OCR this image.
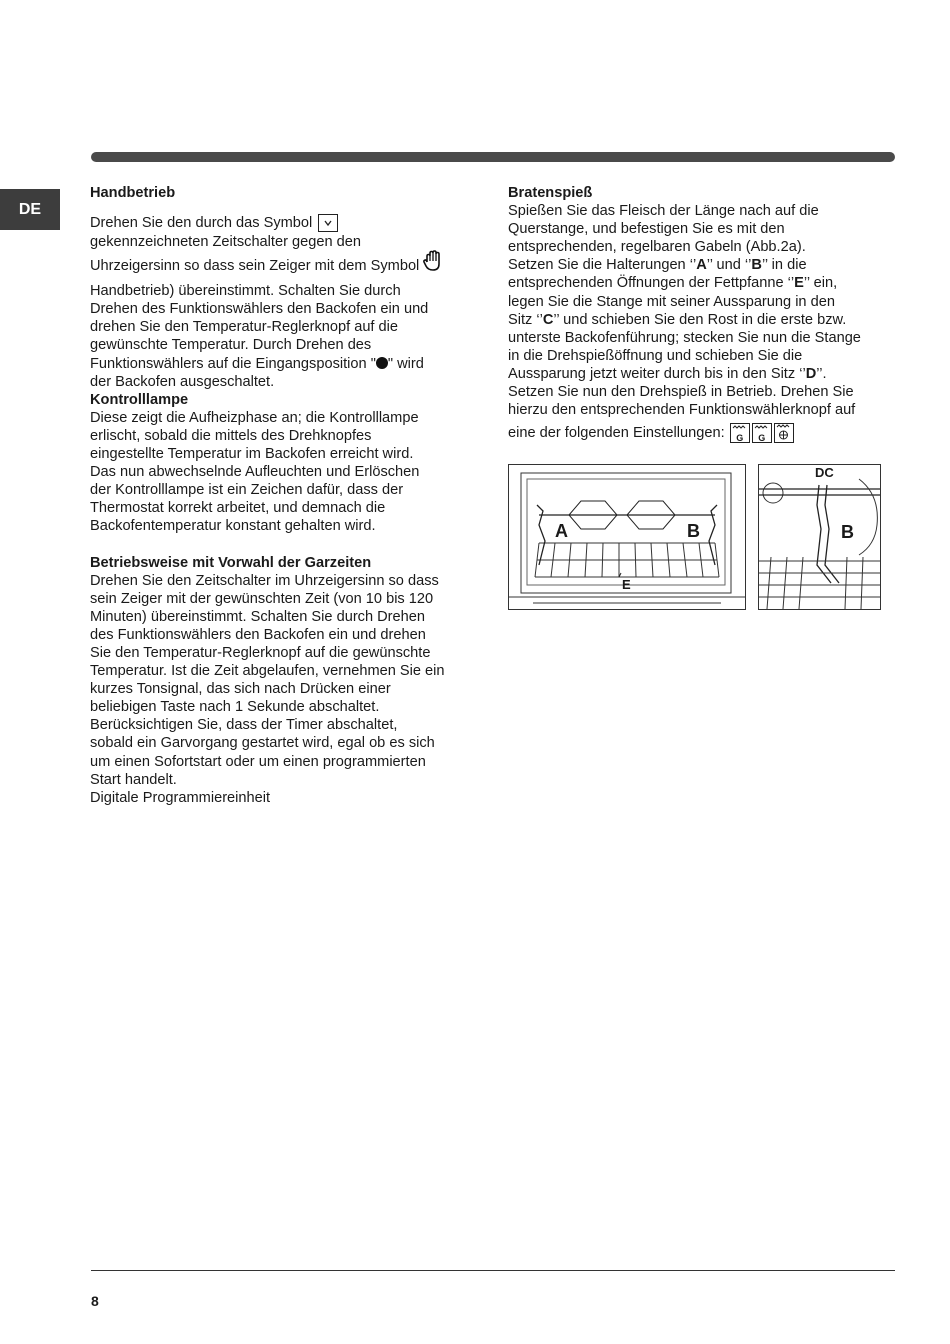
DE

Handbetrieb

Drehen Sie den durch das Symbol

gekennzeichneten Zeitschalter gegen den

Uhrzeigersinn so dass sein Zeiger mit dem Symbol

Handbetrieb) übereinstimmt. Schalten Sie durch

Drehen des Funktionswählers den Backofen ein und

drehen Sie den Temperatur-Reglerknopf auf die

gewünschte Temperatur. Durch Drehen des

Funktionswählers auf die Eingangsposition " " wird

der Backofen ausgeschaltet.

Kontrolllampe

Diese zeigt die Aufheizphase an; die Kontrolllampe

erlischt, sobald die mittels des Drehknopfes

eingestellte Temperatur im Backofen erreicht wird.

Das nun abwechselnde Aufleuchten und Erlöschen

der Kontrolllampe ist ein Zeichen dafür, dass der

Thermostat korrekt arbeitet, und demnach die

Backofentemperatur konstant gehalten wird.

Betriebsweise mit Vorwahl der Garzeiten

Drehen Sie den Zeitschalter im Uhrzeigersinn so dass

sein Zeiger mit der gewünschten Zeit (von 10 bis 120

Minuten) übereinstimmt. Schalten Sie durch Drehen

des Funktionswählers den Backofen ein und drehen

Sie den Temperatur-Reglerknopf auf die gewünschte

Temperatur. Ist die Zeit abgelaufen, vernehmen Sie ein

kurzes Tonsignal, das sich nach Drücken einer

beliebigen Taste nach 1 Sekunde abschaltet.

Berücksichtigen Sie, dass der Timer abschaltet,

sobald ein Garvorgang gestartet wird, egal ob es sich

um einen Sofortstart oder um einen programmierten

Start handelt.

Digitale Programmiereinheit

Bratenspieß

Spießen Sie das Fleisch der Länge nach auf die

Querstange, und befestigen Sie es mit den

entsprechenden, regelbaren Gabeln (Abb.2a).

Setzen Sie die Halterungen ‘’A’’ und ‘’B’’ in die

entsprechenden Öffnungen der Fettpfanne ‘’E’’ ein,

legen Sie die Stange mit seiner Aussparung in den

Sitz ‘’C’’ und schieben Sie den Rost in die erste bzw.

unterste Backofenführung; stecken Sie nun die Stange

in die Drehspießöffnung und schieben Sie die

Aussparung jetzt weiter durch bis in den Sitz ‘’D’’.

Setzen Sie nun den Drehspieß in Betrieb. Drehen Sie

hierzu den entsprechenden Funktionswählerknopf auf

eine der folgenden Einstellungen: G
G

A	B
E
DC
B
8
